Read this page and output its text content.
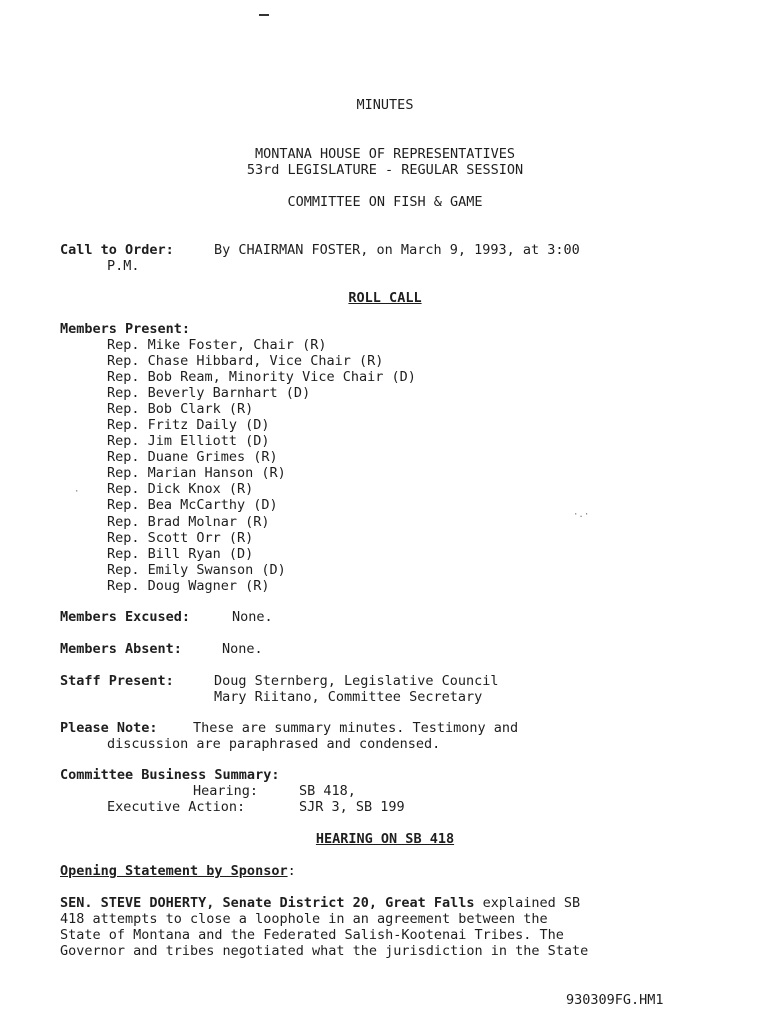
·.·
·
MINUTES
MONTANA HOUSE OF REPRESENTATIVES
53rd LEGISLATURE - REGULAR SESSION
COMMITTEE ON FISH & GAME
Call to Order:	By CHAIRMAN FOSTER, on March 9, 1993, at 3:00
P.M.
ROLL CALL
Members Present:
Rep. Mike Foster, Chair (R)
Rep. Chase Hibbard, Vice Chair (R)
Rep. Bob Ream, Minority Vice Chair (D)
Rep. Beverly Barnhart (D)
Rep. Bob Clark (R)
Rep. Fritz Daily (D)
Rep. Jim Elliott (D)
Rep. Duane Grimes (R)
Rep. Marian Hanson (R)
Rep. Dick Knox (R)
Rep. Bea McCarthy (D)
Rep. Brad Molnar (R)
Rep. Scott Orr (R)
Rep. Bill Ryan (D)
Rep. Emily Swanson (D)
Rep. Doug Wagner (R)
Members Excused:	None.
Members Absent:	None.
Staff Present:	Doug Sternberg, Legislative Council
Mary Riitano, Committee Secretary
Please Note:	These are summary minutes. Testimony and
discussion are paraphrased and condensed.
Committee Business Summary:
Hearing:	SB 418,
Executive Action:	SJR 3, SB 199
HEARING ON SB 418
Opening Statement by Sponsor:
SEN. STEVE DOHERTY, Senate District 20, Great Falls explained SB
418 attempts to close a loophole in an agreement between the
State of Montana and the Federated Salish-Kootenai Tribes. The
Governor and tribes negotiated what the jurisdiction in the State
930309FG.HM1
